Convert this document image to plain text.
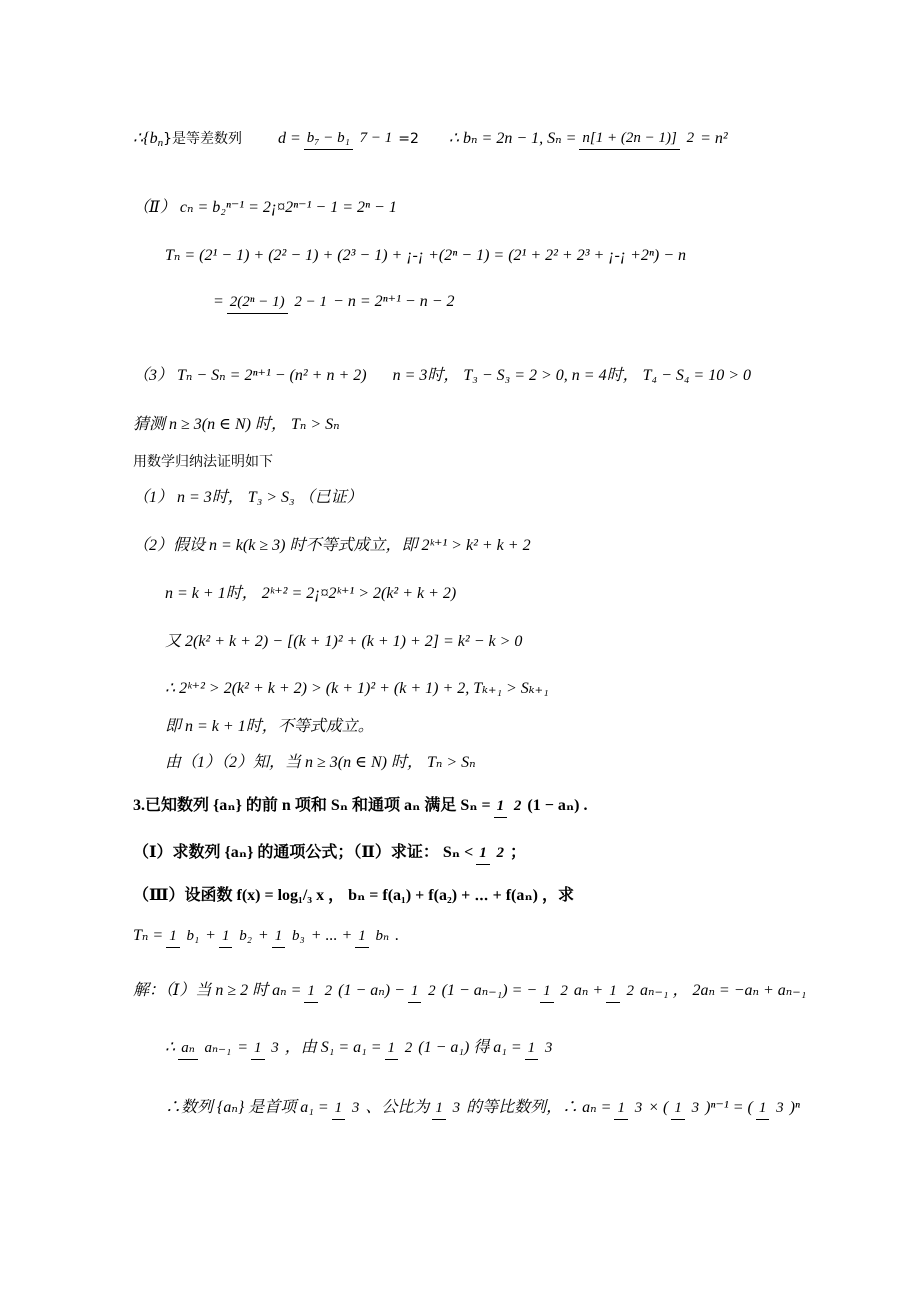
∴{b n }是等差数列 d = b₇ − b₁ 7 − 1 =2 ∴ bₙ = 2n − 1, Sₙ = n[1 + (2n − 1)] 2 = n²
（Ⅱ） cₙ = b₂ⁿ⁻¹ = 2¡¤2ⁿ⁻¹ − 1 = 2ⁿ − 1
Tₙ = (2¹ − 1) + (2² − 1) + (2³ − 1) + ¡-¡ +(2ⁿ − 1) = (2¹ + 2² + 2³ + ¡-¡ +2ⁿ) − n
= 2(2ⁿ − 1) 2 − 1 − n = 2ⁿ⁺¹ − n − 2
（3） Tₙ − Sₙ = 2ⁿ⁺¹ − (n² + n + 2) n = 3时， T₃ − S₃ = 2 > 0, n = 4时， T₄ − S₄ = 10 > 0
猜测 n ≥ 3(n ∈ N) 时， Tₙ > Sₙ
用数学归纳法证明如下
（1） n = 3时， T₃ > S₃ （已证）
（2）假设 n = k(k ≥ 3) 时不等式成立，即 2ᵏ⁺¹ > k² + k + 2
n = k + 1时， 2ᵏ⁺² = 2¡¤2ᵏ⁺¹ > 2(k² + k + 2)
又 2(k² + k + 2) − [(k + 1)² + (k + 1) + 2] = k² − k > 0
∴ 2ᵏ⁺² > 2(k² + k + 2) > (k + 1)² + (k + 1) + 2, Tₖ₊₁ > Sₖ₊₁
即 n = k + 1时，不等式成立。
由（1）（2）知，当 n ≥ 3(n ∈ N) 时， Tₙ > Sₙ
3.已知数列 {aₙ} 的前 n 项和 Sₙ 和通项 aₙ 满足 Sₙ = 1 2 (1 − aₙ) .
（Ⅰ）求数列 {aₙ} 的通项公式；（Ⅱ）求证： Sₙ < 1 2 ；
（Ⅲ）设函数 f(x) = log₁/₃ x ， bₙ = f(a₁) + f(a₂) + ⋯ + f(aₙ) ，求
Tₙ = 1 b₁ + 1 b₂ + 1 b₃ + ... + 1 bₙ .
解：（Ⅰ）当 n ≥ 2 时 aₙ = 1 2 (1 − aₙ) − 1 2 (1 − aₙ₋₁) = − 1 2 aₙ + 1 2 aₙ₋₁ ， 2aₙ = −aₙ + aₙ₋₁
∴ aₙ aₙ₋₁ = 1 3 ，由 S₁ = a₁ = 1 2 (1 − a₁) 得 a₁ = 1 3
∴数列 {aₙ} 是首项 a₁ = 1 3 、公比为 1 3 的等比数列，∴ aₙ = 1 3 × ( 1 3 )ⁿ⁻¹ = ( 1 3 )ⁿ
